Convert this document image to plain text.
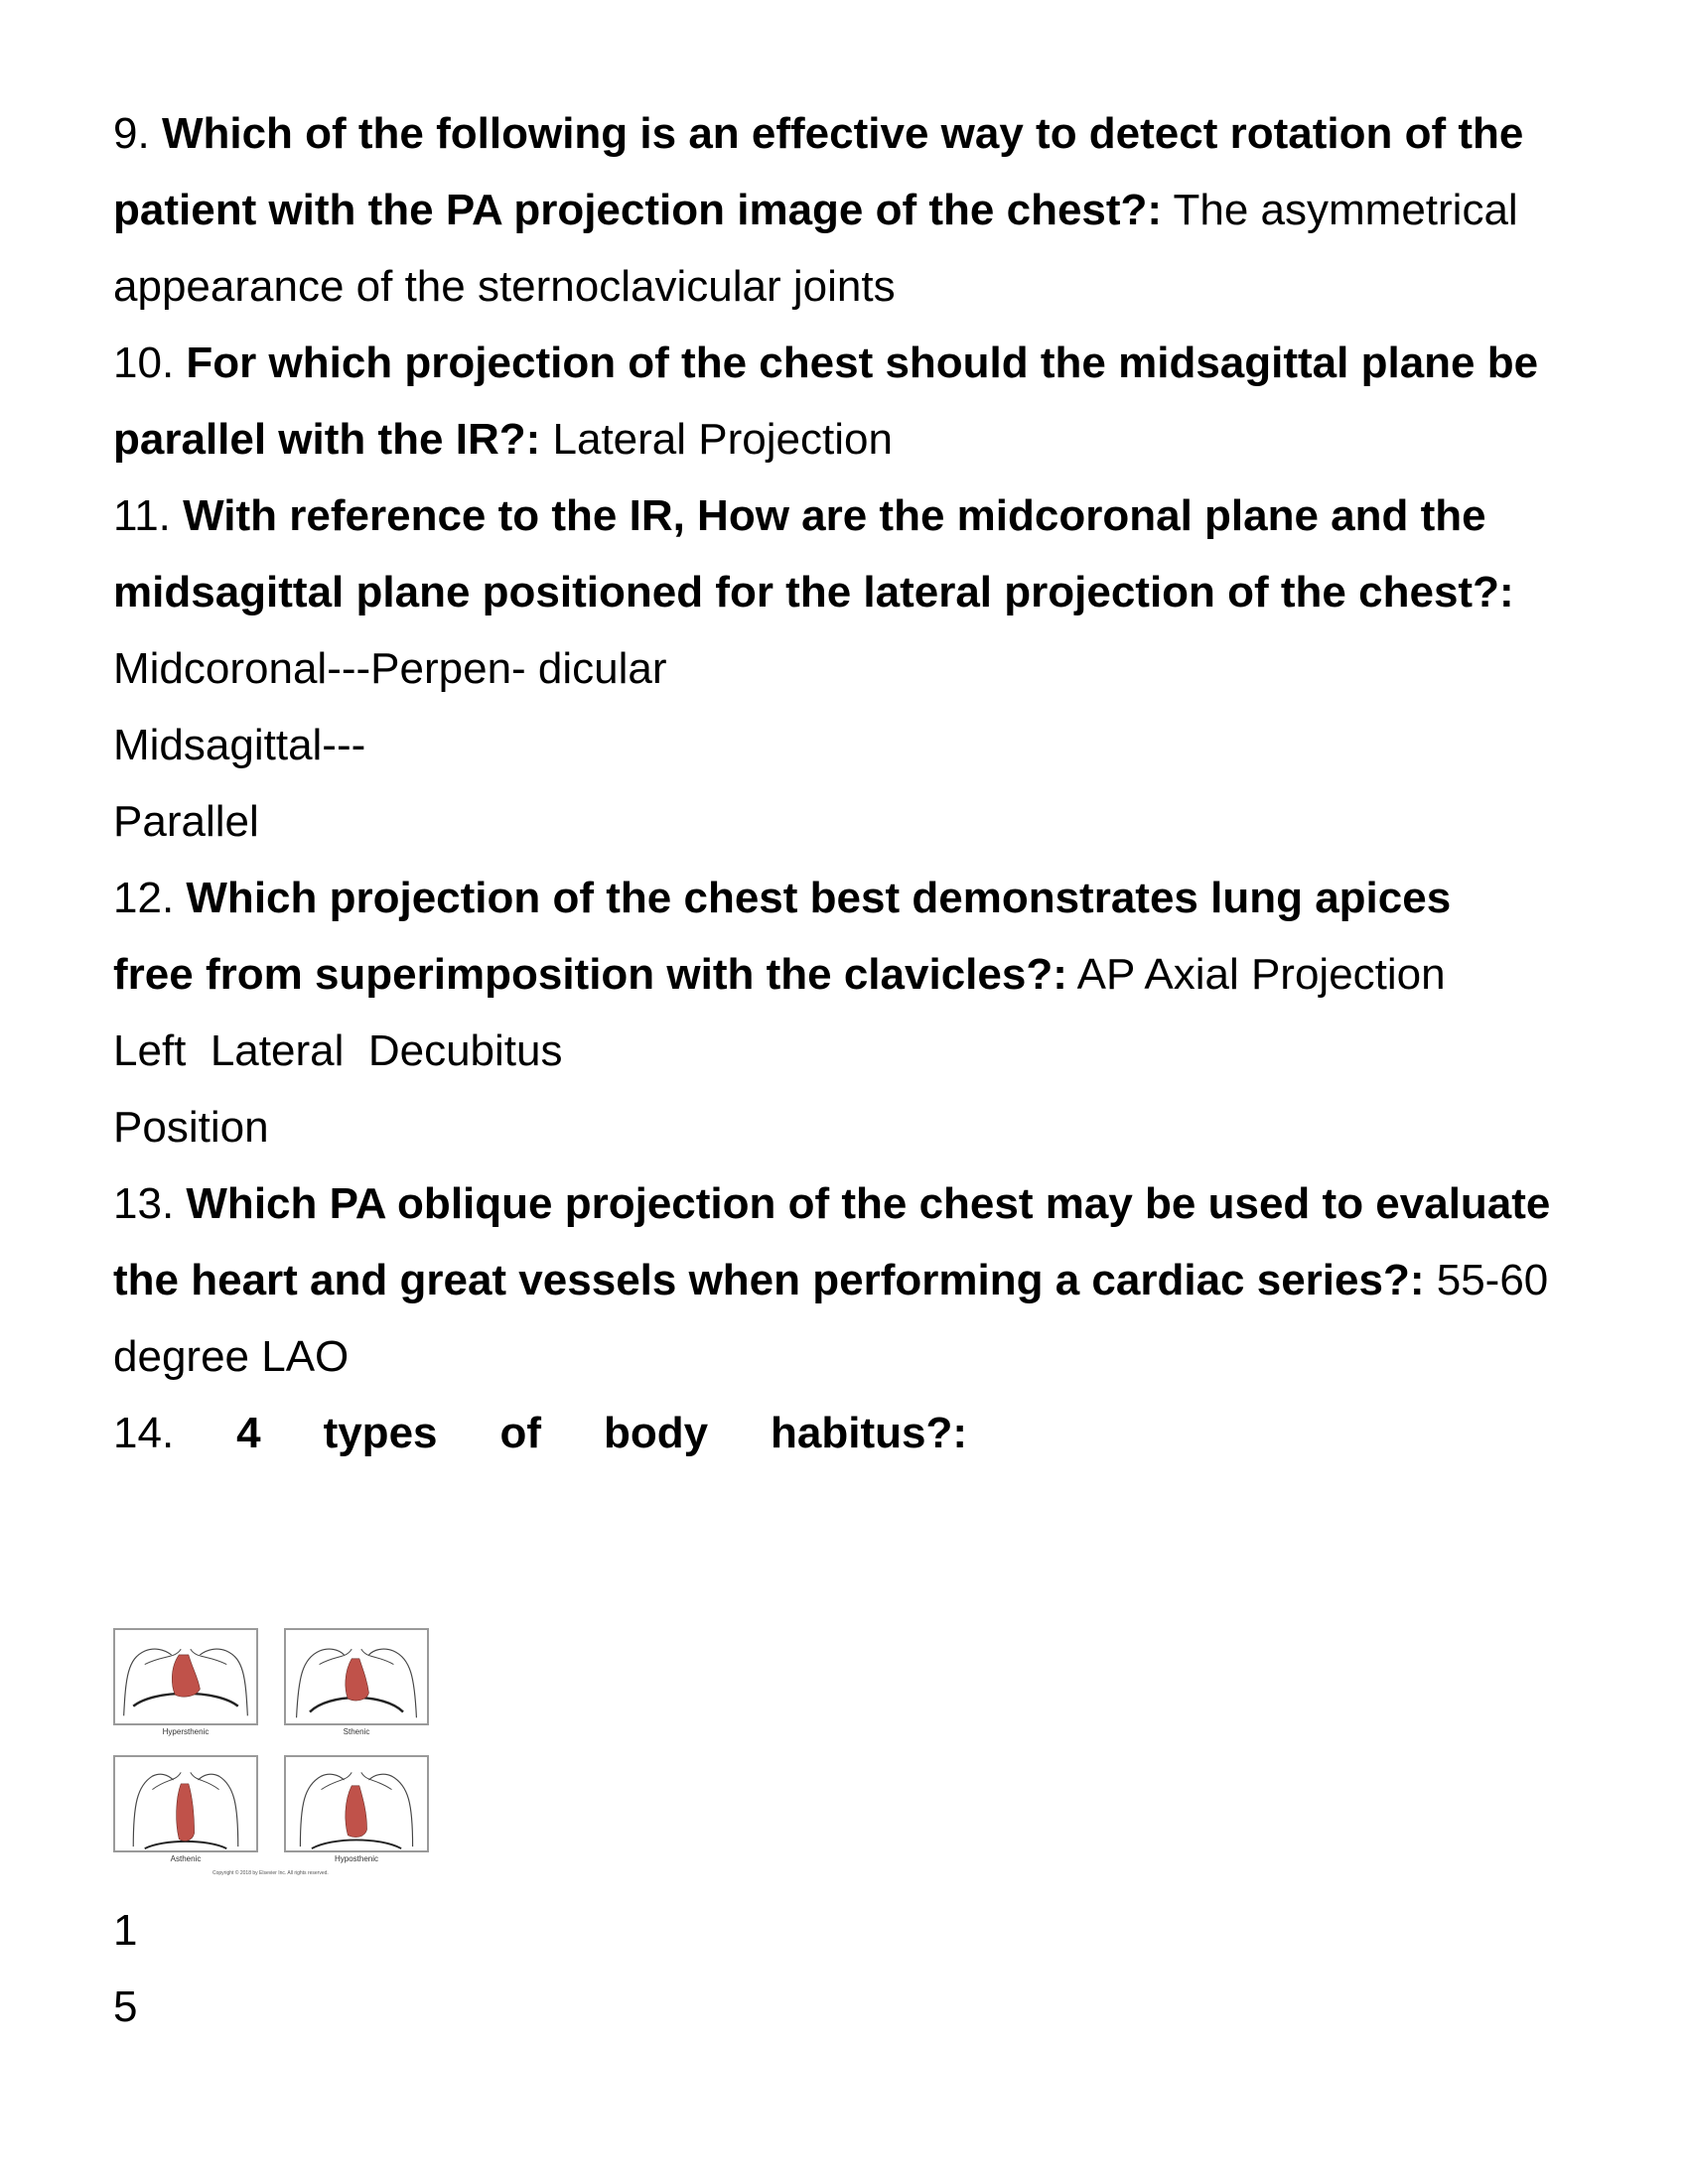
9. Which of the following is an effective way to detect rotation of the
patient with the PA projection image of the chest?: The asymmetrical
appearance of the sternoclavicular joints
10. For which projection of the chest should the midsagittal plane be
parallel with the IR?: Lateral Projection
11. With reference to the IR, How are the midcoronal plane and the
midsagittal plane positioned for the lateral projection of the chest?:
Midcoronal---Perpen- dicular
Midsagittal---
Parallel
12. Which projection of the chest best demonstrates lung apices
free from superimposition with the clavicles?: AP Axial Projection
Left  Lateral  Decubitus
Position
13. Which PA oblique projection of the chest may be used to evaluate
the heart and great vessels when performing a cardiac series?: 55-60
degree LAO
14. 4 types of body habitus?:
Hypersthenic	Sthenic
Asthenic	Hyposthenic
Copyright © 2018 by Elsevier Inc. All rights reserved.
1
5
